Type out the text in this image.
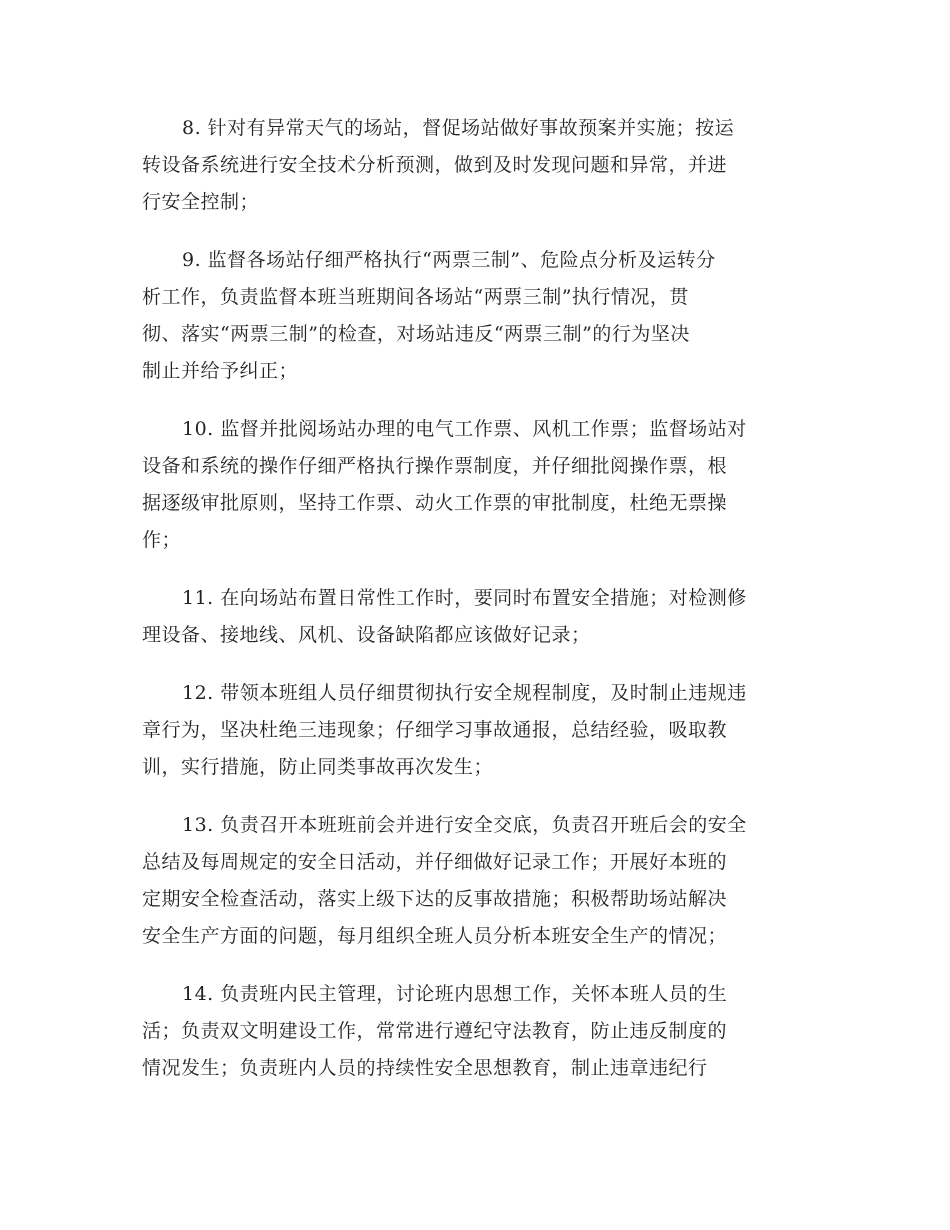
8. 针对有异常天气的场站，督促场站做好事故预案并实施；按运
转设备系统进行安全技术分析预测，做到及时发现问题和异常，并进
行安全控制；

9. 监督各场站仔细严格执行“两票三制”、危险点分析及运转分
析工作，负责监督本班当班期间各场站“两票三制”执行情况，贯
彻、落实“两票三制”的检查，对场站违反“两票三制”的行为坚决
制止并给予纠正；

10. 监督并批阅场站办理的电气工作票、风机工作票；监督场站对
设备和系统的操作仔细严格执行操作票制度，并仔细批阅操作票，根
据逐级审批原则，坚持工作票、动火工作票的审批制度，杜绝无票操
作；

11. 在向场站布置日常性工作时，要同时布置安全措施；对检测修
理设备、接地线、风机、设备缺陷都应该做好记录；

12. 带领本班组人员仔细贯彻执行安全规程制度，及时制止违规违
章行为，坚决杜绝三违现象；仔细学习事故通报，总结经验，吸取教
训，实行措施，防止同类事故再次发生；

13. 负责召开本班班前会并进行安全交底，负责召开班后会的安全
总结及每周规定的安全日活动，并仔细做好记录工作；开展好本班的
定期安全检查活动，落实上级下达的反事故措施；积极帮助场站解决
安全生产方面的问题，每月组织全班人员分析本班安全生产的情况；

14. 负责班内民主管理，讨论班内思想工作，关怀本班人员的生
活；负责双文明建设工作，常常进行遵纪守法教育，防止违反制度的
情况发生；负责班内人员的持续性安全思想教育，制止违章违纪行
